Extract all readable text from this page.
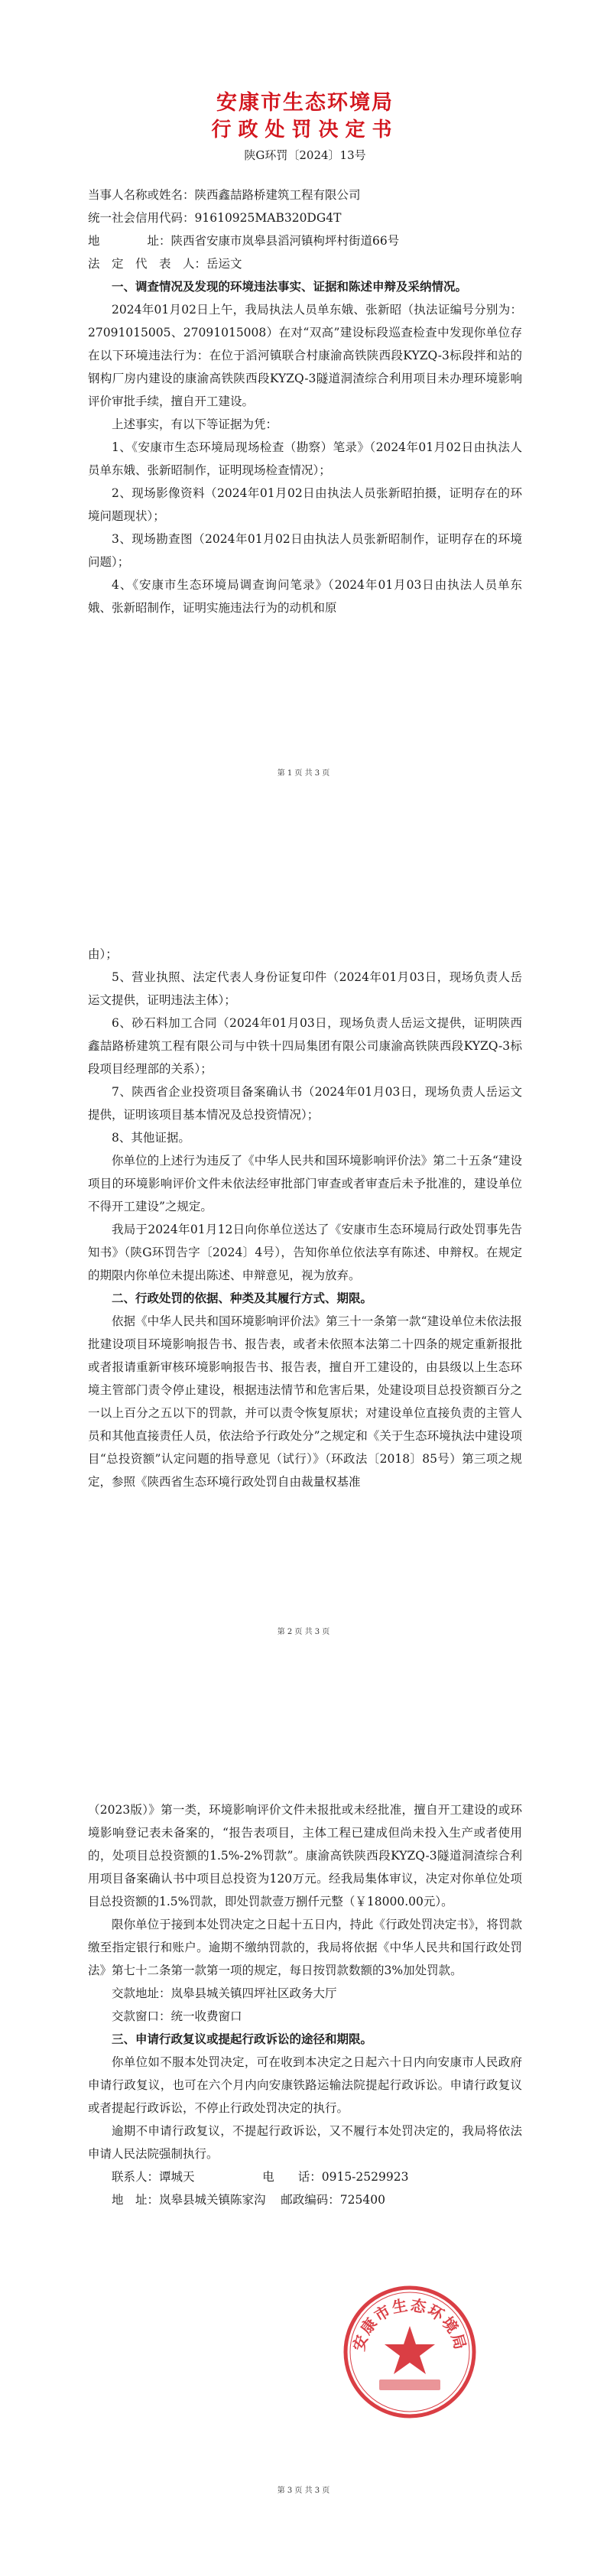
安康市生态环境局
行政处罚决定书

陕G环罚〔2024〕13号

当事人名称或姓名：陕西鑫喆路桥建筑工程有限公司

统一社会信用代码：91610925MAB320DG4T

地　　　　址：陕西省安康市岚皋县滔河镇枸坪村街道66号

法　定　代　表　人：岳运文

一、调查情况及发现的环境违法事实、证据和陈述申辩及采纳情况。

2024年01月02日上午，我局执法人员单东娥、张新昭（执法证编号分别为：27091015005、27091015008）在对“双高”建设标段巡查检查中发现你单位存在以下环境违法行为：在位于滔河镇联合村康渝高铁陕西段KYZQ-3标段拌和站的钢构厂房内建设的康渝高铁陕西段KYZQ-3隧道洞渣综合利用项目未办理环境影响评价审批手续，擅自开工建设。

上述事实，有以下等证据为凭：

1、《安康市生态环境局现场检查（勘察）笔录》（2024年01月02日由执法人员单东娥、张新昭制作，证明现场检查情况）；

2、现场影像资料（2024年01月02日由执法人员张新昭拍摄，证明存在的环境问题现状）；

3、现场勘查图（2024年01月02日由执法人员张新昭制作，证明存在的环境问题）；

4、《安康市生态环境局调查询问笔录》（2024年01月03日由执法人员单东娥、张新昭制作，证明实施违法行为的动机和原

第 1 页 共 3 页

由）；

5、营业执照、法定代表人身份证复印件（2024年01月03日，现场负责人岳运文提供，证明违法主体）；

6、砂石料加工合同（2024年01月03日，现场负责人岳运文提供，证明陕西鑫喆路桥建筑工程有限公司与中铁十四局集团有限公司康渝高铁陕西段KYZQ-3标段项目经理部的关系）；

7、陕西省企业投资项目备案确认书（2024年01月03日，现场负责人岳运文提供，证明该项目基本情况及总投资情况）；

8、其他证据。

你单位的上述行为违反了《中华人民共和国环境影响评价法》第二十五条“建设项目的环境影响评价文件未依法经审批部门审查或者审查后未予批准的，建设单位不得开工建设”之规定。

我局于2024年01月12日向你单位送达了《安康市生态环境局行政处罚事先告知书》（陕G环罚告字〔2024〕4号），告知你单位依法享有陈述、申辩权。在规定的期限内你单位未提出陈述、申辩意见，视为放弃。

二、行政处罚的依据、种类及其履行方式、期限。

依据《中华人民共和国环境影响评价法》第三十一条第一款“建设单位未依法报批建设项目环境影响报告书、报告表，或者未依照本法第二十四条的规定重新报批或者报请重新审核环境影响报告书、报告表，擅自开工建设的，由县级以上生态环境主管部门责令停止建设，根据违法情节和危害后果，处建设项目总投资额百分之一以上百分之五以下的罚款，并可以责令恢复原状；对建设单位直接负责的主管人员和其他直接责任人员，依法给予行政处分”之规定和《关于生态环境执法中建设项目“总投资额”认定问题的指导意见（试行）》（环政法〔2018〕85号）第三项之规定，参照《陕西省生态环境行政处罚自由裁量权基准

第 2 页 共 3 页

（2023版）》第一类，环境影响评价文件未报批或未经批准，擅自开工建设的或环境影响登记表未备案的，“报告表项目，主体工程已建成但尚未投入生产或者使用的，处项目总投资额的1.5%-2%罚款”。康渝高铁陕西段KYZQ-3隧道洞渣综合利用项目备案确认书中项目总投资为120万元。经我局集体审议，决定对你单位处项目总投资额的1.5%罚款，即处罚款壹万捌仟元整（￥18000.00元）。

限你单位于接到本处罚决定之日起十五日内，持此《行政处罚决定书》，将罚款缴至指定银行和账户。逾期不缴纳罚款的，我局将依据《中华人民共和国行政处罚法》第七十二条第一款第一项的规定，每日按罚款数额的3%加处罚款。

交款地址：岚皋县城关镇四坪社区政务大厅

交款窗口：统一收费窗口

三、申请行政复议或提起行政诉讼的途径和期限。

你单位如不服本处罚决定，可在收到本决定之日起六十日内向安康市人民政府申请行政复议，也可在六个月内向安康铁路运输法院提起行政诉讼。申请行政复议或者提起行政诉讼，不停止行政处罚决定的执行。

逾期不申请行政复议，不提起行政诉讼，又不履行本处罚决定的，我局将依法申请人民法院强制执行。

联系人：谭城天	电　　话：0915-2529923

地　址：岚皋县城关镇陈家沟 邮政编码：725400

第 3 页 共 3 页
安康市生态环境局
